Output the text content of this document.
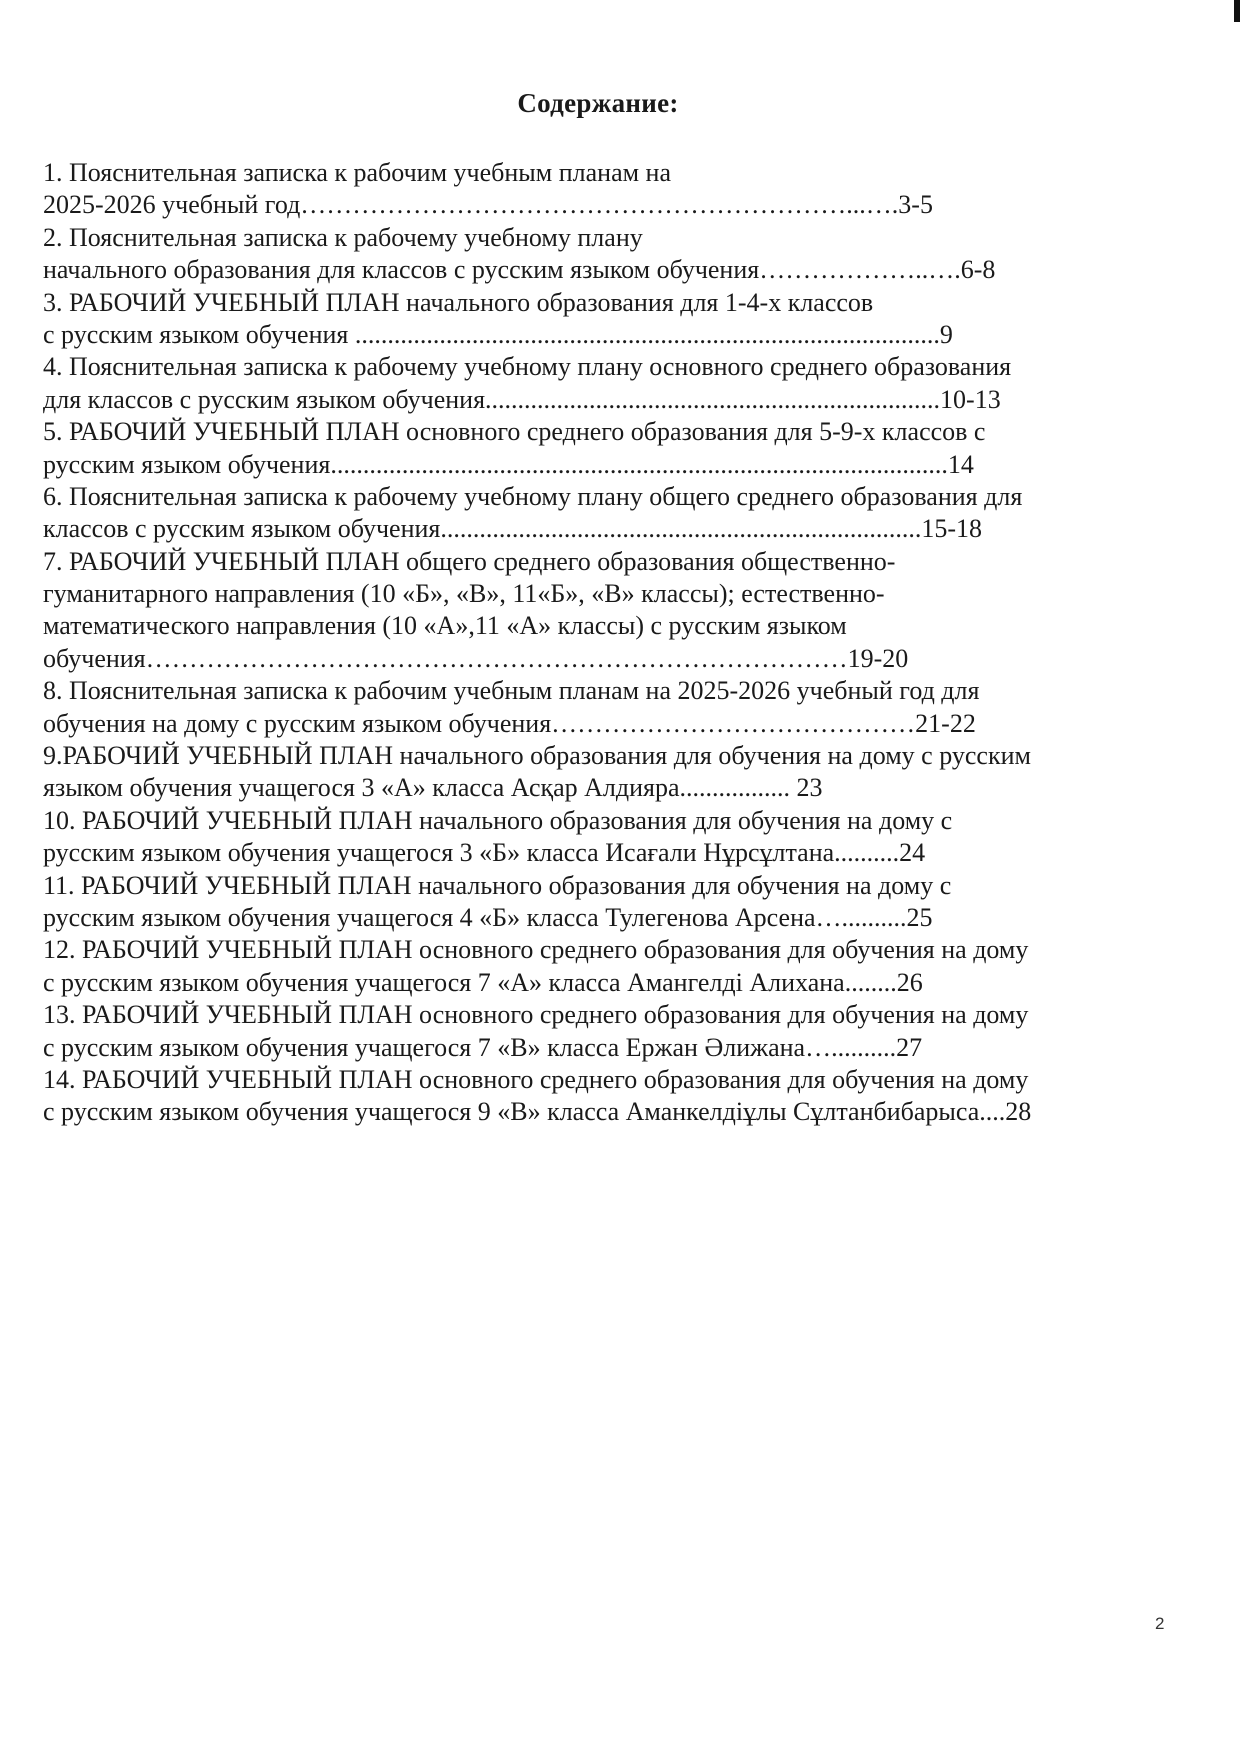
Содержание:
1. Пояснительная записка к рабочим учебным планам на
2025-2026 учебный год………………………………………………………...….3-5
2. Пояснительная записка к рабочему учебному плану
начального образования для классов с русским языком обучения………………..….6-8
3. РАБОЧИЙ УЧЕБНЫЙ ПЛАН начального образования для 1-4-х классов
с русским языком обучения ..........................................................................................9
4. Пояснительная записка к рабочему учебному плану основного среднего образования
для классов с русским языком обучения......................................................................10-13
5. РАБОЧИЙ УЧЕБНЫЙ ПЛАН основного среднего образования для 5-9-х классов с
русским языком обучения...............................................................................................14
6. Пояснительная записка к рабочему учебному плану общего среднего образования для
классов с русским языком обучения..........................................................................15-18
7. РАБОЧИЙ УЧЕБНЫЙ ПЛАН общего среднего образования общественно-
гуманитарного направления (10 «Б», «В», 11«Б», «В» классы); естественно-
математического направления (10 «А»,11 «А» классы) с русским языком
обучения………………………………………………………………………19-20
8. Пояснительная записка к рабочим учебным планам на 2025-2026 учебный год для
обучения на дому с русским языком обучения……………………………………21-22
9.РАБОЧИЙ УЧЕБНЫЙ ПЛАН начального образования для обучения на дому с русским
языком обучения учащегося 3 «А» класса Асқар Алдияра................. 23
10. РАБОЧИЙ УЧЕБНЫЙ ПЛАН начального образования для обучения на дому с
русским языком обучения учащегося 3 «Б» класса Исағали Нұрсұлтана..........24
11. РАБОЧИЙ УЧЕБНЫЙ ПЛАН начального образования для обучения на дому с
русским языком обучения учащегося 4 «Б» класса Тулегенова Арсена…..........25
12. РАБОЧИЙ УЧЕБНЫЙ ПЛАН основного среднего образования для обучения на дому
с русским языком обучения учащегося 7 «А» класса Амангелді Алихана........26
13. РАБОЧИЙ УЧЕБНЫЙ ПЛАН основного среднего образования для обучения на дому
с русским языком обучения учащегося 7 «В» класса Ержан Әлижана…..........27
14. РАБОЧИЙ УЧЕБНЫЙ ПЛАН основного среднего образования для обучения на дому
с русским языком обучения учащегося 9 «В» класса Аманкелдіұлы Сұлтанбибарыса....28
2
